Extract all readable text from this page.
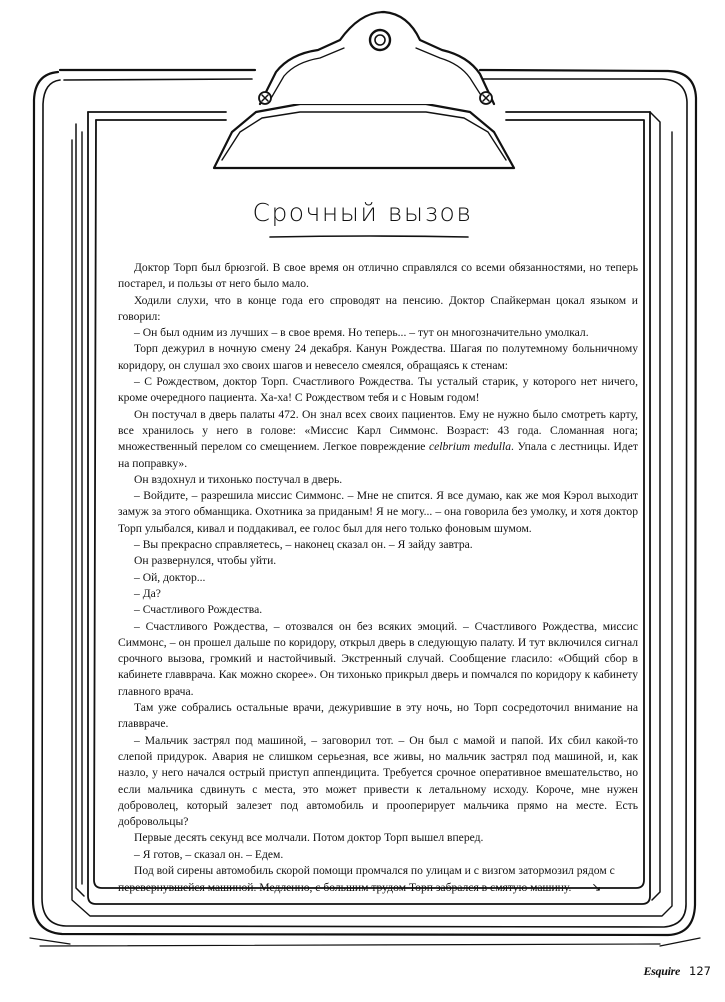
Срочный вызов

Доктор Торп был брюзгой. В свое время он отлично справлялся со всеми обязанностями, но теперь постарел, и пользы от него было мало.

Ходили слухи, что в конце года его спроводят на пенсию. Доктор Спайкерман цокал языком и говорил:

– Он был одним из лучших – в свое время. Но теперь... – тут он многозначительно умолкал.

Торп дежурил в ночную смену 24 декабря. Канун Рождества. Шагая по полутемному больничному коридору, он слушал эхо своих шагов и невесело смеялся, обращаясь к стенам:

– С Рождеством, доктор Торп. Счастливого Рождества. Ты усталый старик, у которого нет ничего, кроме очередного пациента. Ха-ха! С Рождеством тебя и с Новым годом!

Он постучал в дверь палаты 472. Он знал всех своих пациентов. Ему не нужно было смотреть карту, все хранилось у него в голове: «Миссис Карл Симмонс. Возраст: 43 года. Сломанная нога; множественный перелом со смещением. Легкое повреждение celbrium medulla. Упала с лестницы. Идет на поправку».

Он вздохнул и тихонько постучал в дверь.

– Войдите, – разрешила миссис Симмонс. – Мне не спится. Я все думаю, как же моя Кэрол выходит замуж за этого обманщика. Охотника за приданым! Я не могу... – она говорила без умолку, и хотя доктор Торп улыбался, кивал и поддакивал, ее голос был для него только фоновым шумом.

– Вы прекрасно справляетесь, – наконец сказал он. – Я зайду завтра.

Он развернулся, чтобы уйти.

– Ой, доктор...

– Да?

– Счастливого Рождества.

– Счастливого Рождества, – отозвался он без всяких эмоций. – Счастливого Рождества, миссис Симмонс, – он прошел дальше по коридору, открыл дверь в следующую палату. И тут включился сигнал срочного вызова, громкий и настойчивый. Экстренный случай. Сообщение гласило: «Общий сбор в кабинете главврача. Как можно скорее». Он тихонько прикрыл дверь и помчался по коридору к кабинету главного врача.

Там уже собрались остальные врачи, дежурившие в эту ночь, но Торп сосредоточил внимание на главвраче.

– Мальчик застрял под машиной, – заговорил тот. – Он был с мамой и папой. Их сбил какой-то слепой придурок. Авария не слишком серьезная, все живы, но мальчик застрял под машиной, и, как назло, у него начался острый приступ аппендицита. Требуется срочное оперативное вмешательство, но если мальчика сдвинуть с места, это может привести к летальному исходу. Короче, мне нужен доброволец, который залезет под автомобиль и прооперирует мальчика прямо на месте. Есть добровольцы?

Первые десять секунд все молчали. Потом доктор Торп вышел вперед.

– Я готов, – сказал он. – Едем.

Под вой сирены автомобиль скорой помощи промчался по улицам и с визгом затормозил рядом с перевернувшейся машиной. Медленно, с большим трудом Торп забрался в смятую машину. ↘

Esquire 127
